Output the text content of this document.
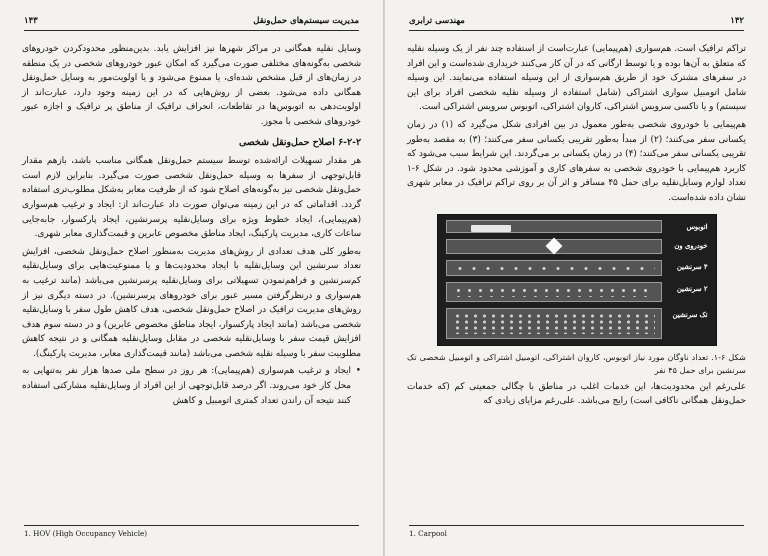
مدیریت سیستم‌های حمل‌ونقل
۱۴۳

وسایل نقلیه همگانی در مراکز شهرها نیز افزایش یابد. بدین‌منظور محدودکردن خودروهای شخصی به‌گونه‌های مختلفی صورت می‌گیرد که امکان عبور خودروهای شخصی در یک منطقه در زمان‌های از قبل مشخص شده‌ای، یا ممنوع می‌شود و یا اولویت‌مور به وسایل حمل‌ونقل همگانی داده می‌شود. بعضی از روش‌هایی که در این زمینه وجود دارد، عبارت‌اند از اولویت‌دهی به اتوبوس‌ها در تقاطعات، انحراف ترافیک از مناطق پر ترافیک و اجازه عبور خودروهای شخصی با مجوز.

۶-۲-۲ اصلاح حمل‌ونقل شخصی

هر مقدار تسهیلات ارائه‌شده توسط سیستم حمل‌ونقل همگانی مناسب باشد، بازهم مقدار قابل‌توجهی از سفرها به وسیله حمل‌ونقل شخصی صورت می‌گیرد. بنابراین لازم است حمل‌ونقل شخصی نیز به‌گونه‌های اصلاح شود که از ظرفیت معابر به‌شکل مطلوب‌تری استفاده گردد. اقداماتی که در این زمینه می‌توان صورت داد عبارت‌اند از: ایجاد و ترغیب هم‌سواری (هم‌پیمایی)، ایجاد خطوط ویژه برای وسایل‌نقلیه پرسرنشین، ایجاد پارکسوار، جابه‌جایی ساعات کاری، مدیریت پارکینگ، ایجاد مناطق مخصوص عابرین و قیمت‌گذاری معابر شهری.

به‌طور کلی هدف تعدادی از روش‌های مدیریت به‌منظور اصلاح حمل‌ونقل شخصی، افزایش تعداد سرنشین این وسایل‌نقلیه با ایجاد محدودیت‌ها و یا ممنوعیت‌هایی برای وسایل‌نقلیه کم‌سرنشین و فراهم‌نمودن تسهیلاتی برای وسایل‌نقلیه پرسرنشین می‌باشد (مانند ترغیب به هم‌سواری و درنظرگرفتن مسیر عبور برای خودروهای پرسرنشین). در دسته دیگری نیز از روش‌های مدیریت ترافیک در اصلاح حمل‌ونقل شخصی، هدف کاهش طول سفر با وسایل‌نقلیه شخصی می‌باشد (مانند ایجاد پارکسوار، ایجاد مناطق مخصوص عابرین) و در دسته سوم هدف افزایش قیمت سفر با وسایل‌نقلیه شخصی در مقابل وسایل‌نقلیه همگانی و در نتیجه کاهش مطلوبیت سفر با وسیله نقلیه شخصی می‌باشد (مانند قیمت‌گذاری معابر، مدیریت پارکینگ).

• ایجاد و ترغیب هم‌سواری (هم‌پیمایی): هر روز در سطح ملی صدها هزار نفر به‌تنهایی به محل کار خود می‌روند. اگر درصد قابل‌توجهی از این افراد از وسایل‌نقلیه مشارکتی استفاده کنند نتیجه آن راندن تعداد کمتری اتومبیل و کاهش

1. HOV (High Occupancy Vehicle)
۱۴۲
مهندسی ترابری

تراکم ترافیک است. هم‌سواری (هم‌پیمایی) عبارت‌است از استفاده چند نفر از یک وسیله نقلیه که متعلق به آن‌ها بوده و یا توسط ارگانی که در آن کار می‌کنند خریداری شده‌است و این افراد در سفرهای مشترک خود از طریق هم‌سواری از این وسیله استفاده می‌نمایند. این وسیله شامل اتومبیل سواری اشتراکی (شامل استفاده از وسیله نقلیه شخصی افراد برای این سیستم) و یا تاکسی سرویس اشتراکی، کاروان اشتراکی، اتوبوس سرویس اشتراکی است.

هم‌پیمایی با خودروی شخصی به‌طور معمول در بین افرادی شکل می‌گیرد که (۱) در زمان یکسانی سفر می‌کنند؛ (۲) از مبدأ به‌طور تقریبی یکسانی سفر می‌کنند؛ (۳) به مقصد به‌طور تقریبی یکسانی سفر می‌کنند؛ (۴) در زمان یکسانی بر می‌گردند. این شرایط سبب می‌شود که کاربرد هم‌پیمایی با خودروی شخصی به سفرهای کاری و آموزشی محدود شود. در شکل ۶-۱ تعداد لوازم وسایل‌نقلیه برای حمل ۴۵ مسافر و اثر آن بر روی تراکم ترافیک در معابر شهری نشان داده شده‌است.

اتوبوس
خودروی ون
۴ سرنشین
۲ سرنشین
تک سرنشین

شکل ۶-۱. تعداد ناوگان مورد نیاز اتوبوس، کاروان اشتراکی، اتومبیل اشتراکی و اتومبیل شخصی تک سرنشین برای حمل ۴۵ نفر

علی‌رغم این محدودیت‌ها، این خدمات اغلب در مناطق با چگالی جمعیتی کم (که خدمات حمل‌ونقل همگانی ناکافی است) رایج می‌باشد. علی‌رغم مزایای زیادی که

1. Carpool
